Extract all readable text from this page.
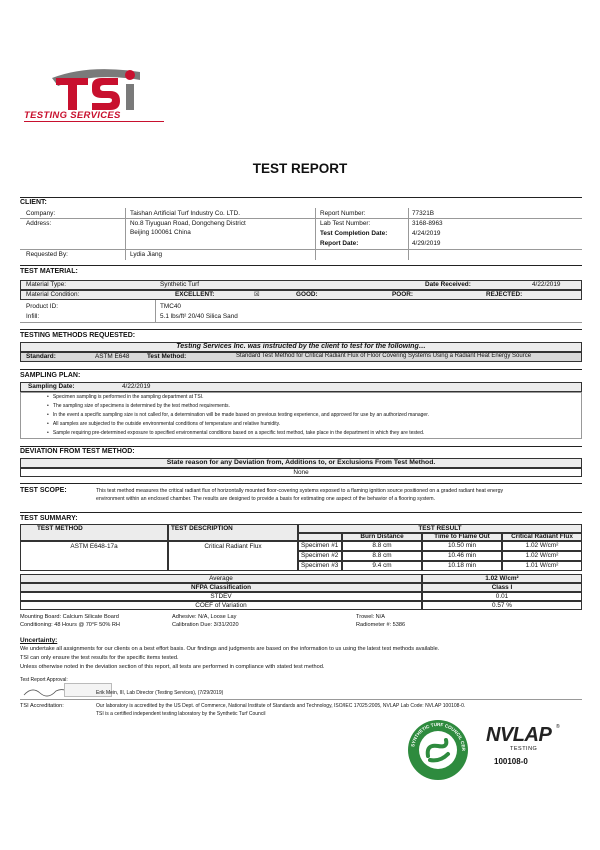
TESTING SERVICES
TEST REPORT
CLIENT:
Company:	Taishan Artificial Turf Industry Co. LTD.
Address:	No.8 Tiyuguan Road, Dongcheng District
Beijing 100061 China
Requested By:	Lydia Jiang
Report Number:	77321B
Lab Test Number:	3168-8963
Test Completion Date:	4/24/2019
Report Date:	4/29/2019
TEST MATERIAL:
Material Type:	Synthetic Turf	Date Received:	4/22/2019
Material Condition:	EXCELLENT:	☒	GOOD:	POOR:	REJECTED:
Product ID:	TMC40
Infill:	5.1 lbs/ft² 20/40 Silica Sand
TESTING METHODS REQUESTED:
Testing Services Inc. was instructed by the client to test for the following…
Standard:	ASTM E648	Test Method:	Standard Test Method for Critical Radiant Flux of Floor Covering Systems Using a Radiant Heat Energy Source
SAMPLING PLAN:
Sampling Date:	4/22/2019
•   Specimen sampling is performed in the sampling department at TSI.
•   The sampling size of specimens is determined by the test method requirements.
•   In the event a specific sampling size is not called for, a determination will be made based on previous testing experience, and approved for use by an authorized manager.
•   All samples are subjected to the outside environmental conditions of temperature and relative humidity.
•   Sample requiring pre-determined exposure to specified environmental conditions based on a specific test method, take place in the department in which they are tested.
DEVIATION FROM TEST METHOD:
State reason for any Deviation from, Additions to, or Exclusions From Test Method.
None
TEST SCOPE:	This test method measures the critical radiant flux of horizontally mounted floor-covering systems exposed to a flaming ignition source positioned on a graded radiant heat energy
environment within an enclosed chamber. The results are designed to provide a basis for estimating one aspect of the behavior of a flooring system.
TEST SUMMARY:
TEST METHOD	TEST DESCRIPTION	TEST RESULT
Burn Distance	Time to Flame Out	Critical Radiant Flux
ASTM E648-17a	Critical Radiant Flux	Specimen #1	8.8 cm	10.50 min	1.02 W/cm²
Specimen #2	8.8 cm	10.46 min	1.02 W/cm²
Specimen #3	9.4 cm	10.18 min	1.01 W/cm²
Average	1.02 W/cm²
NFPA Classification	Class I
STDEV	0.01
COEF of Variation	0.57 %
Mounting Board: Calcium Silicate Board
Conditioning: 48 Hours @ 70°F 50% RH
Adhesive: N/A, Loose Lay
Calibration Due: 3/31/2020
Trowel: N/A
Radiometer #: 5386
Uncertainty:
We undertake all assignments for our clients on a best effort basis. Our findings and judgments are based on the information to us using the latest test methods available.
TSI can only ensure the test results for the specific items tested.
Unless otherwise noted in the deviation section of this report, all tests are performed in compliance with stated test method.
Test Report Approval:
Erik Mein, III, Lab Director (Testing Services), (7/29/2019)
TSI Accreditation:	Our laboratory is accredited by the US Dept. of Commerce, National Institute of Standards and Technology, ISO/IEC 17025:2005, NVLAP Lab Code: NVLAP 100108-0.
TSI is a certified independent testing laboratory by the Synthetic Turf Council
SYNTHETIC TURF COUNCIL CER
NVLAP
TESTING
®
100108-0
